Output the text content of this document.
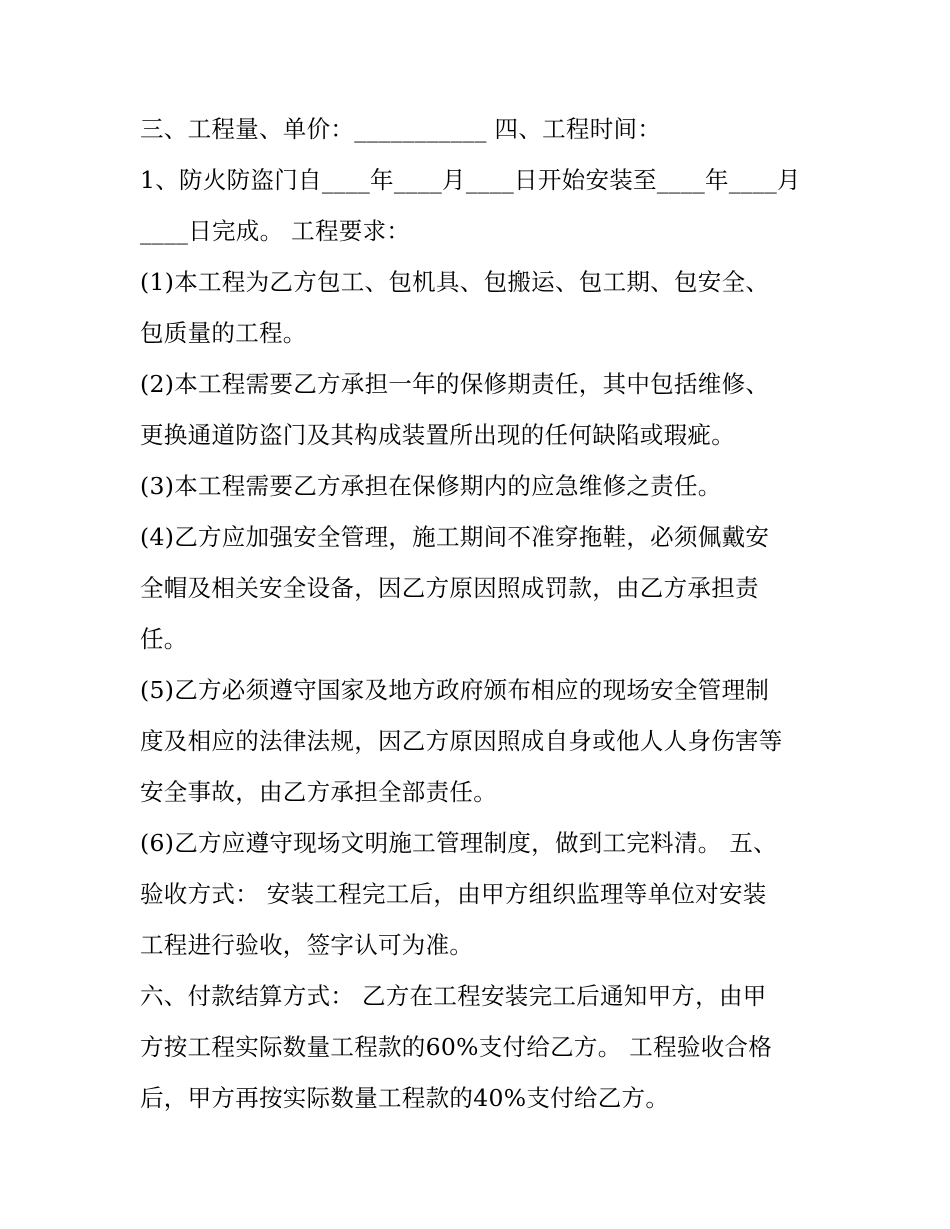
三、工程量、单价：___________ 四、工程时间：
1、防火防盗门自____年____月____日开始安装至____年____月
____日完成。 工程要求：
(1)本工程为乙方包工、包机具、包搬运、包工期、包安全、
包质量的工程。
(2)本工程需要乙方承担一年的保修期责任，其中包括维修、
更换通道防盗门及其构成装置所出现的任何缺陷或瑕疵。
(3)本工程需要乙方承担在保修期内的应急维修之责任。
(4)乙方应加强安全管理，施工期间不准穿拖鞋，必须佩戴安
全帽及相关安全设备，因乙方原因照成罚款，由乙方承担责
任。
(5)乙方必须遵守国家及地方政府颁布相应的现场安全管理制
度及相应的法律法规，因乙方原因照成自身或他人人身伤害等
安全事故，由乙方承担全部责任。
(6)乙方应遵守现场文明施工管理制度，做到工完料清。 五、
验收方式： 安装工程完工后，由甲方组织监理等单位对安装
工程进行验收，签字认可为准。
六、付款结算方式： 乙方在工程安装完工后通知甲方，由甲
方按工程实际数量工程款的60%支付给乙方。 工程验收合格
后，甲方再按实际数量工程款的40%支付给乙方。
